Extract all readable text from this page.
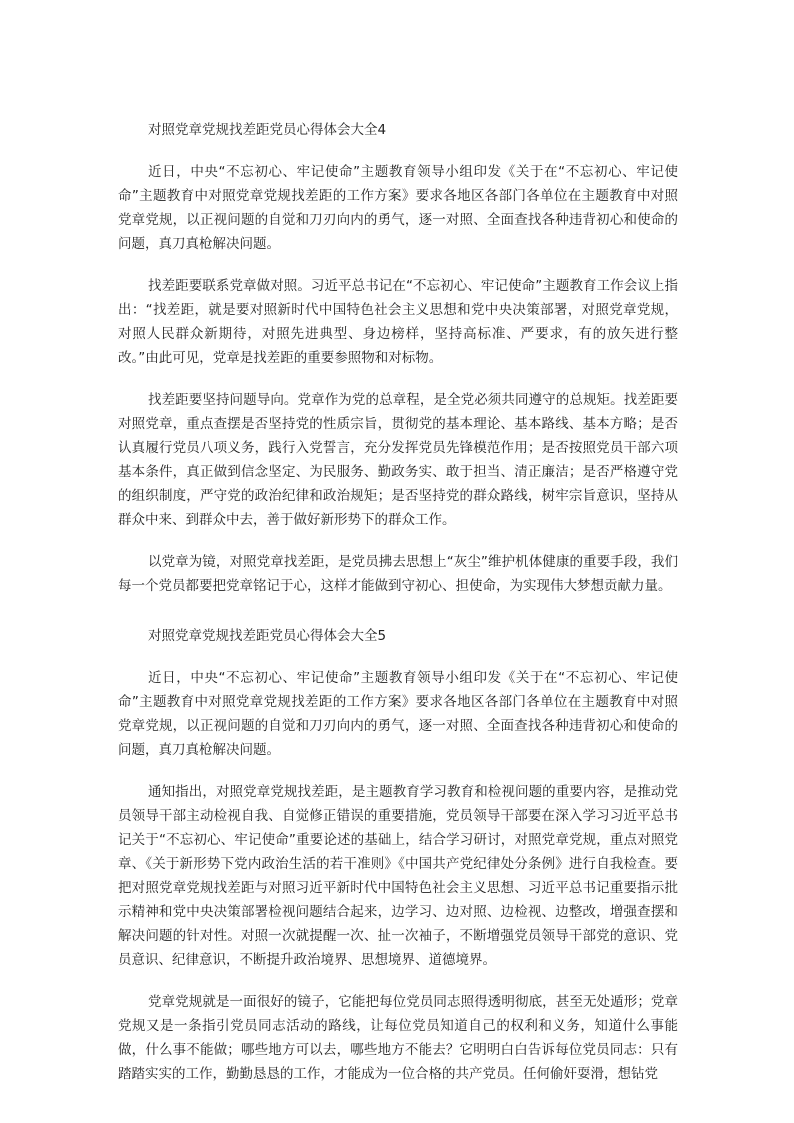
对照党章党规找差距党员心得体会大全4

近日，中央“不忘初心、牢记使命”主题教育领导小组印发《关于在“不忘初心、牢记使命”主题教育中对照党章党规找差距的工作方案》要求各地区各部门各单位在主题教育中对照党章党规，以正视问题的自觉和刀刃向内的勇气，逐一对照、全面查找各种违背初心和使命的问题，真刀真枪解决问题。

找差距要联系党章做对照。习近平总书记在“不忘初心、牢记使命”主题教育工作会议上指出：“找差距，就是要对照新时代中国特色社会主义思想和党中央决策部署，对照党章党规，对照人民群众新期待，对照先进典型、身边榜样，坚持高标准、严要求，有的放矢进行整改。”由此可见，党章是找差距的重要参照物和对标物。

找差距要坚持问题导向。党章作为党的总章程，是全党必须共同遵守的总规矩。找差距要对照党章，重点查摆是否坚持党的性质宗旨，贯彻党的基本理论、基本路线、基本方略；是否认真履行党员八项义务，践行入党誓言，充分发挥党员先锋模范作用；是否按照党员干部六项基本条件，真正做到信念坚定、为民服务、勤政务实、敢于担当、清正廉洁；是否严格遵守党的组织制度，严守党的政治纪律和政治规矩；是否坚持党的群众路线，树牢宗旨意识，坚持从群众中来、到群众中去，善于做好新形势下的群众工作。

以党章为镜，对照党章找差距，是党员拂去思想上“灰尘”维护机体健康的重要手段，我们每一个党员都要把党章铭记于心，这样才能做到守初心、担使命，为实现伟大梦想贡献力量。

对照党章党规找差距党员心得体会大全5

近日，中央“不忘初心、牢记使命”主题教育领导小组印发《关于在“不忘初心、牢记使命”主题教育中对照党章党规找差距的工作方案》要求各地区各部门各单位在主题教育中对照党章党规，以正视问题的自觉和刀刃向内的勇气，逐一对照、全面查找各种违背初心和使命的问题，真刀真枪解决问题。

通知指出，对照党章党规找差距，是主题教育学习教育和检视问题的重要内容，是推动党员领导干部主动检视自我、自觉修正错误的重要措施，党员领导干部要在深入学习习近平总书记关于“不忘初心、牢记使命”重要论述的基础上，结合学习研讨，对照党章党规，重点对照党章、《关于新形势下党内政治生活的若干准则》《中国共产党纪律处分条例》进行自我检查。要把对照党章党规找差距与对照习近平新时代中国特色社会主义思想、习近平总书记重要指示批示精神和党中央决策部署检视问题结合起来，边学习、边对照、边检视、边整改，增强查摆和解决问题的针对性。对照一次就提醒一次、扯一次袖子，不断增强党员领导干部党的意识、党员意识、纪律意识，不断提升政治境界、思想境界、道德境界。

党章党规就是一面很好的镜子，它能把每位党员同志照得透明彻底，甚至无处遁形；党章党规又是一条指引党员同志活动的路线，让每位党员知道自己的权利和义务，知道什么事能做，什么事不能做；哪些地方可以去，哪些地方不能去？它明明白白告诉每位党员同志：只有踏踏实实的工作，勤勤恳恳的工作，才能成为一位合格的共产党员。任何偷奸耍滑，想钻党
